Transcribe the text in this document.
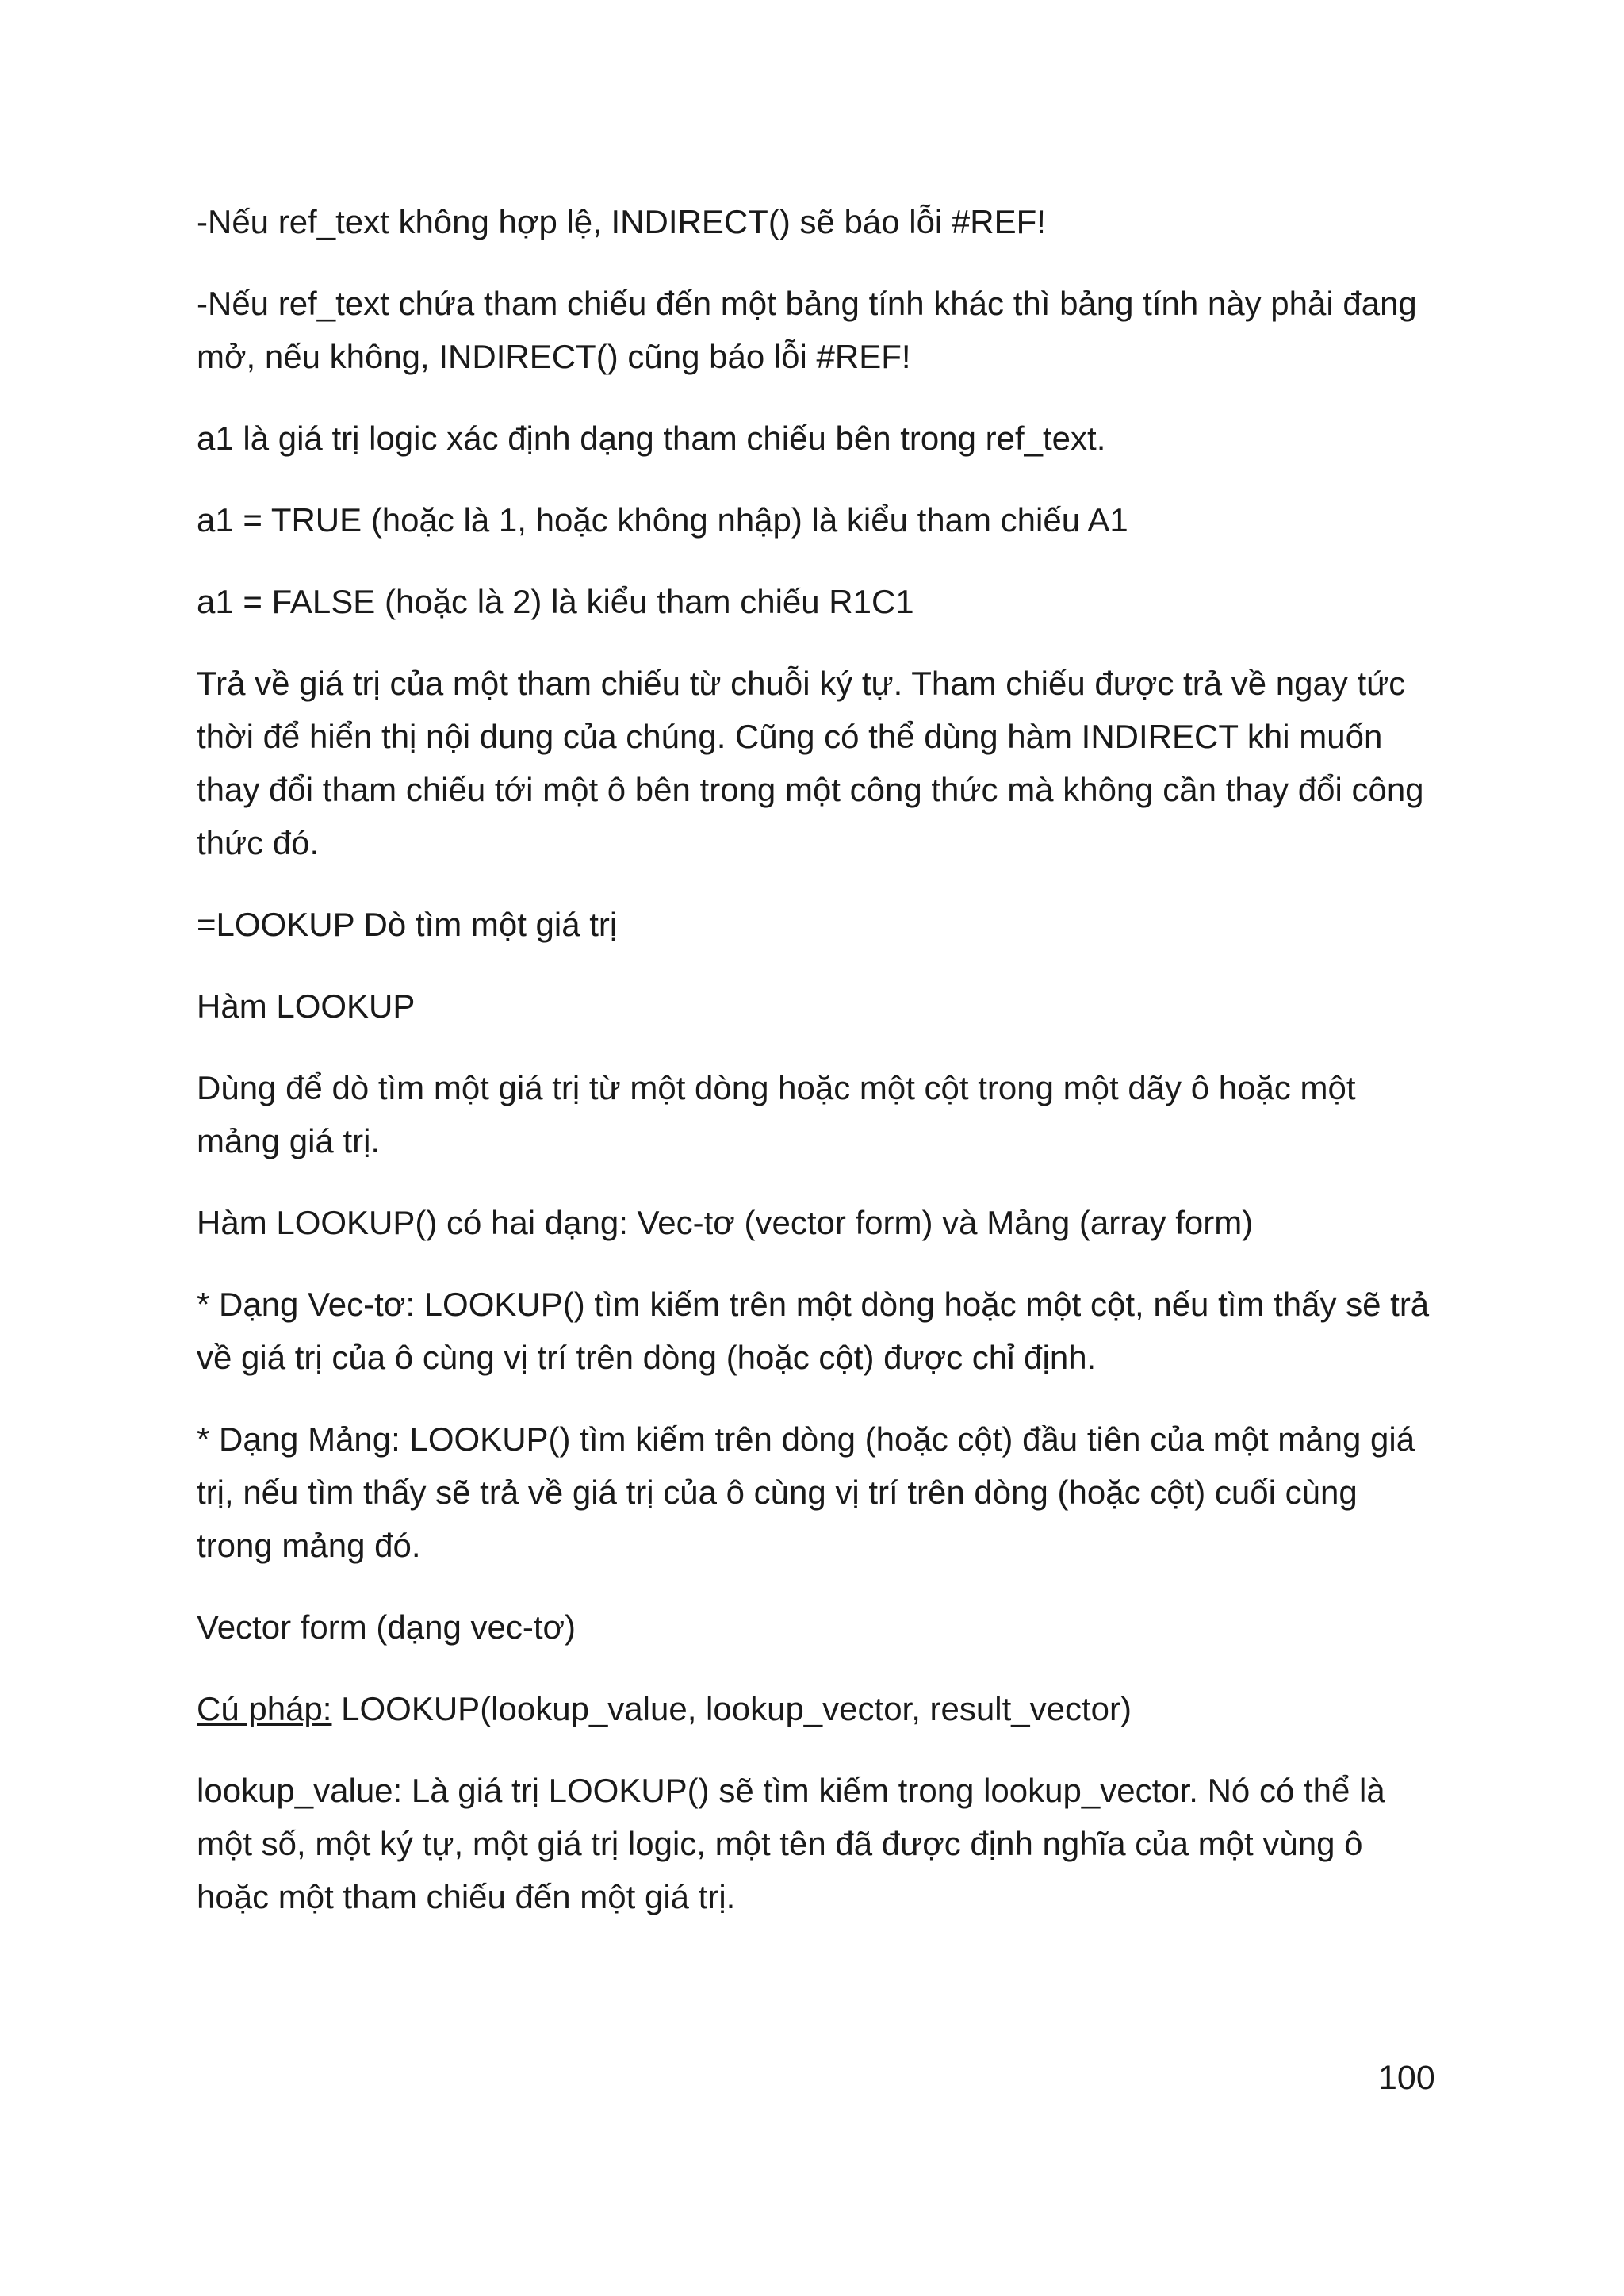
-Nếu ref_text không hợp lệ, INDIRECT() sẽ báo lỗi #REF!

-Nếu ref_text chứa tham chiếu đến một bảng tính khác thì bảng tính này phải đang mở, nếu không, INDIRECT() cũng báo lỗi #REF!

a1 là giá trị logic xác định dạng tham chiếu bên trong ref_text.

a1 = TRUE (hoặc là 1, hoặc không nhập) là kiểu tham chiếu A1

a1 = FALSE (hoặc là 2) là kiểu tham chiếu R1C1

Trả về giá trị của một tham chiếu từ chuỗi ký tự. Tham chiếu được trả về ngay tức thời để hiển thị nội dung của chúng. Cũng có thể dùng hàm INDIRECT khi muốn thay đổi tham chiếu tới một ô bên trong một công thức mà không cần thay đổi công thức đó.

=LOOKUP Dò tìm một giá trị

Hàm LOOKUP

Dùng để dò tìm một giá trị từ một dòng hoặc một cột trong một dãy ô hoặc một mảng giá trị.

Hàm LOOKUP() có hai dạng: Vec-tơ (vector form) và Mảng (array form)

* Dạng Vec-tơ: LOOKUP() tìm kiếm trên một dòng hoặc một cột, nếu tìm thấy sẽ trả về giá trị của ô cùng vị trí trên dòng (hoặc cột) được chỉ định.

* Dạng Mảng: LOOKUP() tìm kiếm trên dòng (hoặc cột) đầu tiên của một mảng giá trị, nếu tìm thấy sẽ trả về giá trị của ô cùng vị trí trên dòng (hoặc cột) cuối cùng trong mảng đó.

Vector form (dạng vec-tơ)

Cú pháp: LOOKUP(lookup_value, lookup_vector, result_vector)

lookup_value: Là giá trị LOOKUP() sẽ tìm kiếm trong lookup_vector. Nó có thể là một số, một ký tự, một giá trị logic, một tên đã được định nghĩa của một vùng ô hoặc một tham chiếu đến một giá trị.

100
